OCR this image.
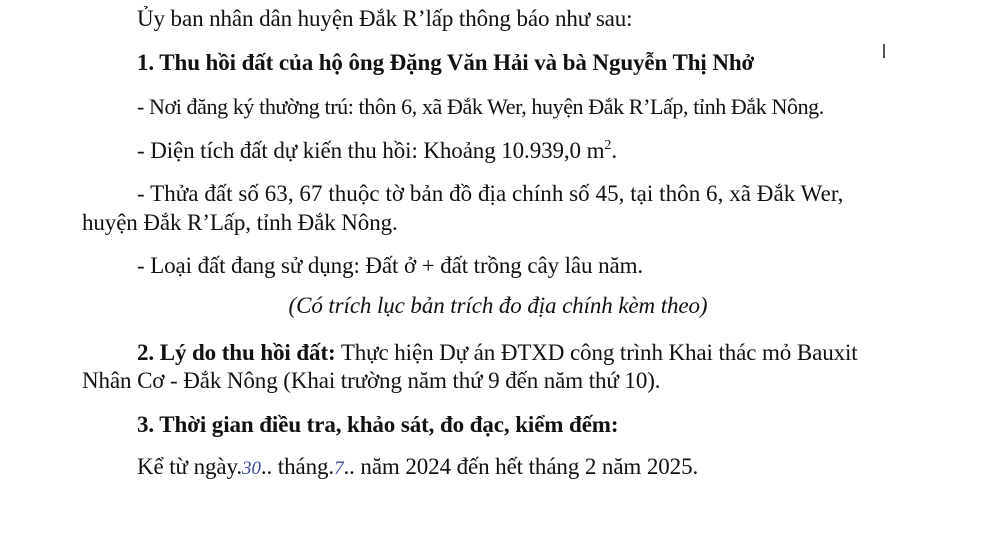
Ủy ban nhân dân huyện Đắk R’lấp thông báo như sau:
1. Thu hồi đất của hộ ông Đặng Văn Hải và bà Nguyễn Thị Nhở
- Nơi đăng ký thường trú: thôn 6, xã Đắk Wer, huyện Đắk R’Lấp, tỉnh Đắk Nông.
- Diện tích đất dự kiến thu hồi: Khoảng 10.939,0 $m^2$.
- Thửa đất số 63, 67 thuộc tờ bản đồ địa chính số 45, tại thôn 6, xã Đắk Wer,
huyện Đắk R’Lấp, tỉnh Đắk Nông.
- Loại đất đang sử dụng: Đất ở + đất trồng cây lâu năm.
(Có trích lục bản trích đo địa chính kèm theo)
2. Lý do thu hồi đất: Thực hiện Dự án ĐTXD công trình Khai thác mỏ Bauxit
Nhân Cơ - Đắk Nông (Khai trường năm thứ 9 đến năm thứ 10).
3. Thời gian điều tra, khảo sát, đo đạc, kiểm đếm:
Kể từ ngày.30.. tháng.7.. năm 2024 đến hết tháng 2 năm 2025.
